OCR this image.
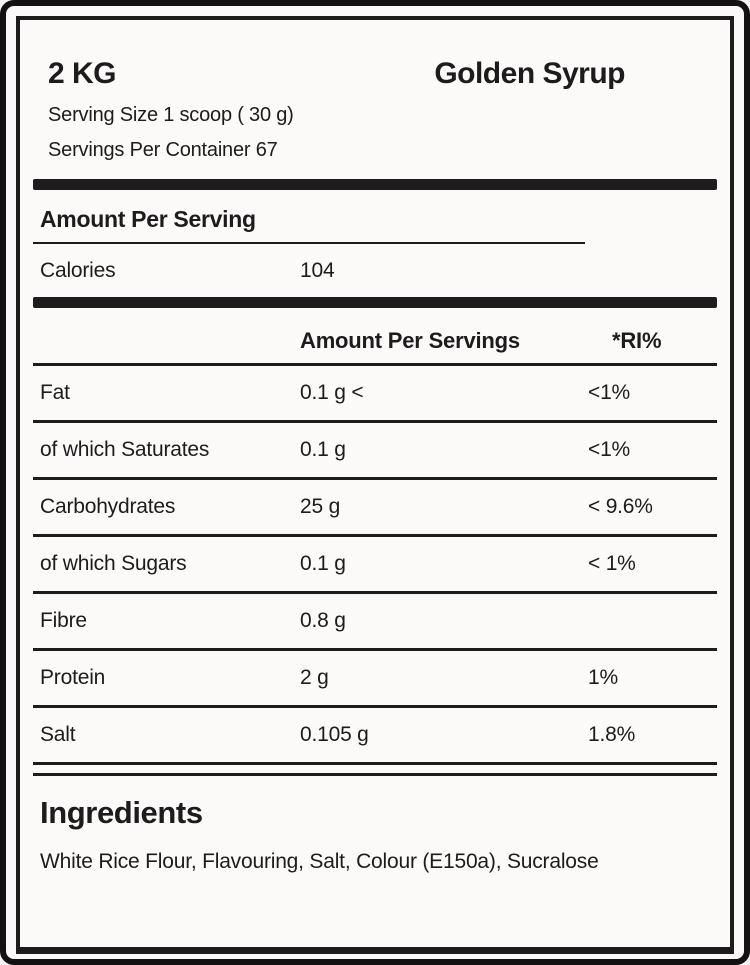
2 KG	Golden Syrup
Serving Size 1 scoop ( 30 g)
Servings Per Container 67
Amount Per Serving
Calories	104
Amount Per Servings	*RI%
Fat	0.1 g <	<1%
of which Saturates	0.1 g	<1%
Carbohydrates	25 g	< 9.6%
of which Sugars	0.1 g	< 1%
Fibre	0.8 g
Protein	2 g	1%
Salt	0.105 g	1.8%
Ingredients
White Rice Flour, Flavouring, Salt, Colour (E150a), Sucralose
